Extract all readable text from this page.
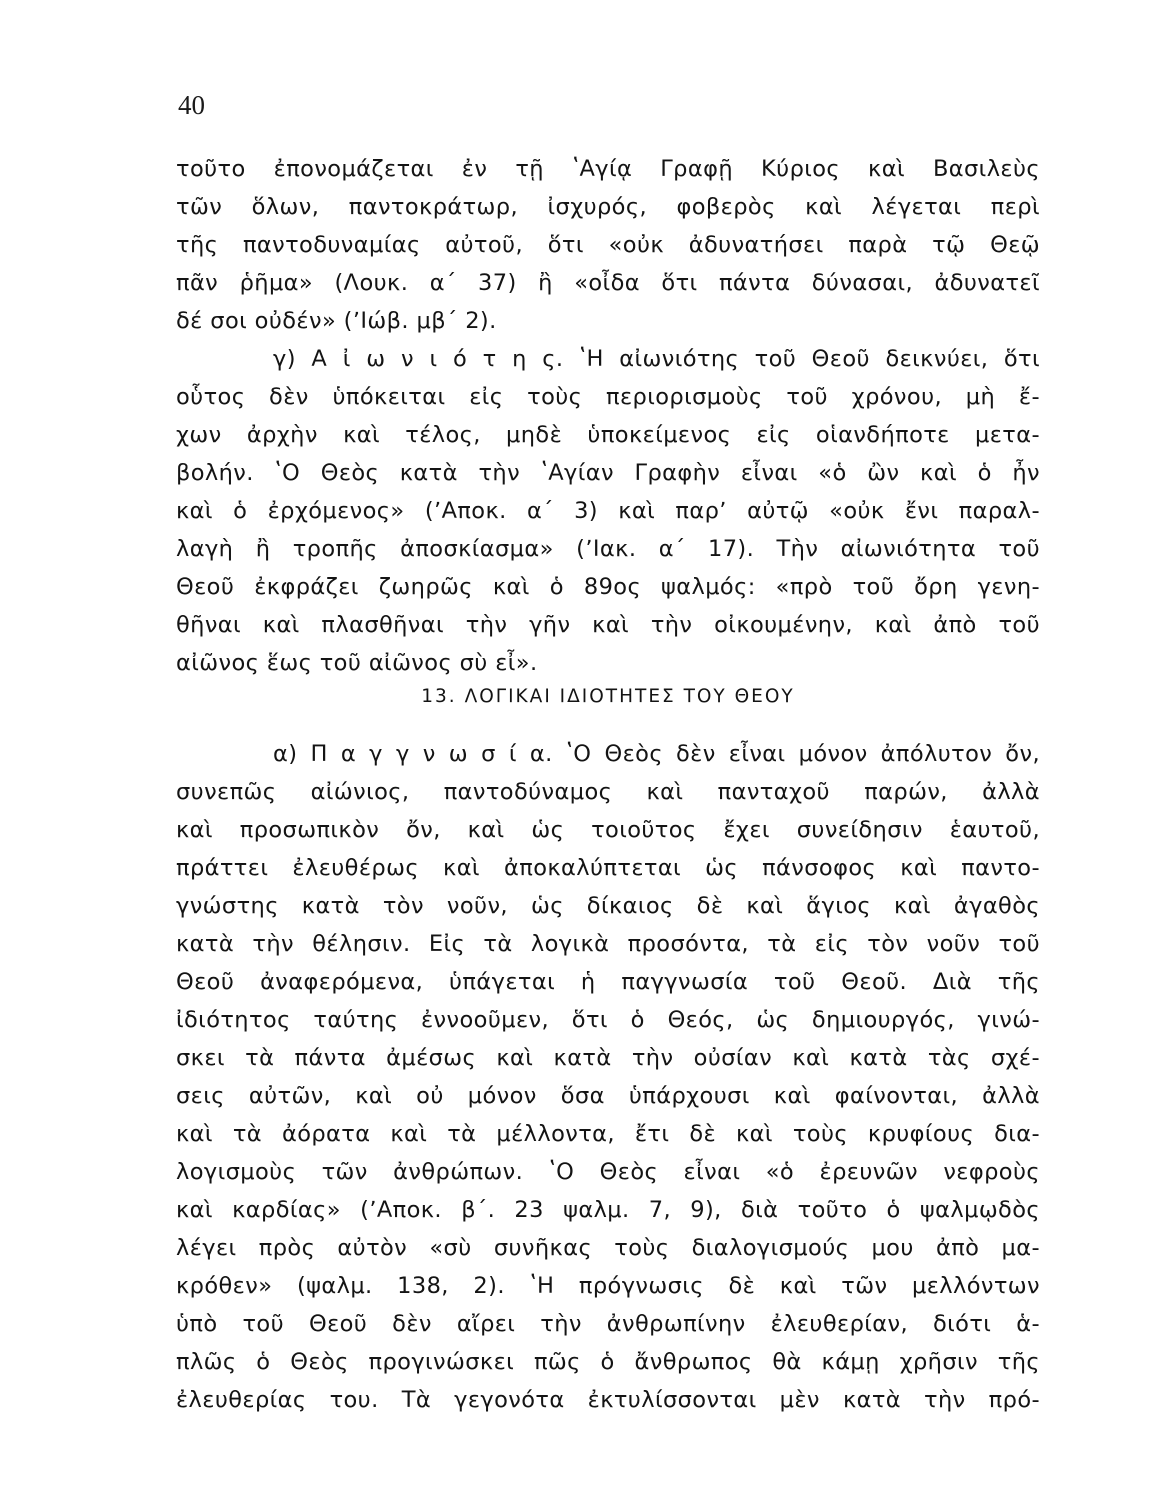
40
τοῦτο ἐπονομάζεται ἐν τῇ ʽΑγίᾳ Γραφῇ Κύριος καὶ Βασιλεὺς
τῶν ὅλων, παντοκράτωρ, ἰσχυρός, φοβερὸς καὶ λέγεται περὶ
τῆς παντοδυναμίας αὐτοῦ, ὅτι «οὐκ ἀδυνατήσει παρὰ τῷ Θεῷ
πᾶν ῥῆμα» (Λουκ. α΄ 37) ἢ «οἶδα ὅτι πάντα δύνασαι, ἀδυνατεῖ
δέ σοι οὐδέν» (ʼΙώβ. μβ΄ 2).
γ) Α ἰ ω ν ι ό τ η ς. ʽΗ αἰωνιότης τοῦ Θεοῦ δεικνύει, ὅτι
οὗτος δὲν ὑπόκειται εἰς τοὺς περιορισμοὺς τοῦ χρόνου, μὴ ἔ-
χων ἀρχὴν καὶ τέλος, μηδὲ ὑποκείμενος εἰς οἱανδήποτε μετα-
βολήν. ʽΟ Θεὸς κατὰ τὴν ʽΑγίαν Γραφὴν εἶναι «ὁ ὢν καὶ ὁ ἦν
καὶ ὁ ἐρχόμενος» (ʼΑποκ. α΄ 3) καὶ παρʼ αὐτῷ «οὐκ ἔνι παραλ-
λαγὴ ἢ τροπῆς ἀποσκίασμα» (ʼΙακ. α΄ 17). Τὴν αἰωνιότητα τοῦ
Θεοῦ ἐκφράζει ζωηρῶς καὶ ὁ 89ος ψαλμός: «πρὸ τοῦ ὄρη γενη-
θῆναι καὶ πλασθῆναι τὴν γῆν καὶ τὴν οἰκουμένην, καὶ ἀπὸ τοῦ
αἰῶνος ἕως τοῦ αἰῶνος σὺ εἶ».
13. ΛΟΓΙΚΑΙ ΙΔΙΟΤΗΤΕΣ ΤΟΥ ΘΕΟΥ
α) Π α γ γ ν ω σ ί α. ʽΟ Θεὸς δὲν εἶναι μόνον ἀπόλυτον ὄν,
συνεπῶς αἰώνιος, παντοδύναμος καὶ πανταχοῦ παρών, ἀλλὰ
καὶ προσωπικὸν ὄν, καὶ ὡς τοιοῦτος ἔχει συνείδησιν ἑαυτοῦ,
πράττει ἐλευθέρως καὶ ἀποκαλύπτεται ὡς πάνσοφος καὶ παντο-
γνώστης κατὰ τὸν νοῦν, ὡς δίκαιος δὲ καὶ ἅγιος καὶ ἀγαθὸς
κατὰ τὴν θέλησιν. Εἰς τὰ λογικὰ προσόντα, τὰ εἰς τὸν νοῦν τοῦ
Θεοῦ ἀναφερόμενα, ὑπάγεται ἡ παγγνωσία τοῦ Θεοῦ. Διὰ τῆς
ἰδιότητος ταύτης ἐννοοῦμεν, ὅτι ὁ Θεός, ὡς δημιουργός, γινώ-
σκει τὰ πάντα ἀμέσως καὶ κατὰ τὴν οὐσίαν καὶ κατὰ τὰς σχέ-
σεις αὐτῶν, καὶ οὐ μόνον ὅσα ὑπάρχουσι καὶ φαίνονται, ἀλλὰ
καὶ τὰ ἀόρατα καὶ τὰ μέλλοντα, ἔτι δὲ καὶ τοὺς κρυφίους δια-
λογισμοὺς τῶν ἀνθρώπων. ʽΟ Θεὸς εἶναι «ὁ ἐρευνῶν νεφροὺς
καὶ καρδίας» (ʼΑποκ. β΄. 23 ψαλμ. 7, 9), διὰ τοῦτο ὁ ψαλμῳδὸς
λέγει πρὸς αὐτὸν «σὺ συνῆκας τοὺς διαλογισμούς μου ἀπὸ μα-
κρόθεν» (ψαλμ. 138, 2). ʽΗ πρόγνωσις δὲ καὶ τῶν μελλόντων
ὑπὸ τοῦ Θεοῦ δὲν αἴρει τὴν ἀνθρωπίνην ἐλευθερίαν, διότι ἁ-
πλῶς ὁ Θεὸς προγινώσκει πῶς ὁ ἄνθρωπος θὰ κάμῃ χρῆσιν τῆς
ἐλευθερίας του. Τὰ γεγονότα ἐκτυλίσσονται μὲν κατὰ τὴν πρό-
